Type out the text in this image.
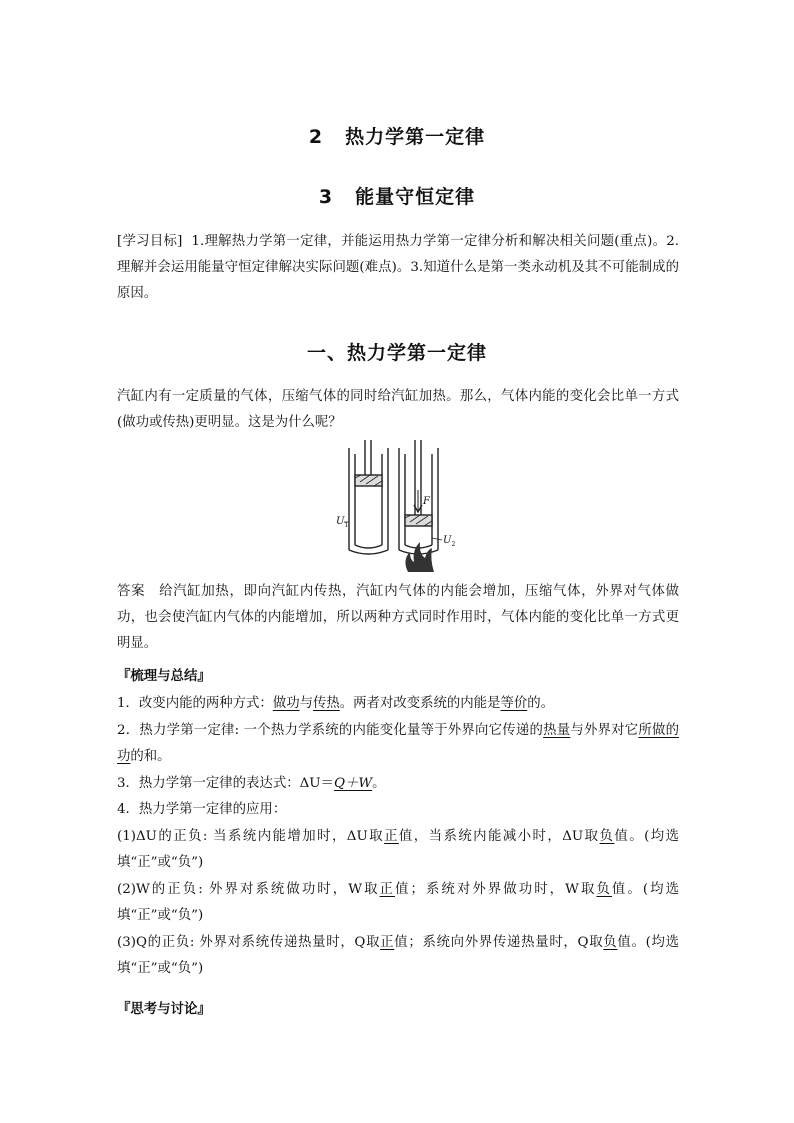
2 热力学第一定律
3 能量守恒定律
[学习目标] 1.理解热力学第一定律，并能运用热力学第一定律分析和解决相关问题(重点)。2.理解并会运用能量守恒定律解决实际问题(难点)。3.知道什么是第一类永动机及其不可能制成的原因。
一、热力学第一定律
汽缸内有一定质量的气体，压缩气体的同时给汽缸加热。那么，气体内能的变化会比单一方式(做功或传热)更明显。这是为什么呢？
$U_1$
$U_2$
F
答案 给汽缸加热，即向汽缸内传热，汽缸内气体的内能会增加，压缩气体，外界对气体做功，也会使汽缸内气体的内能增加，所以两种方式同时作用时，气体内能的变化比单一方式更明显。
『梳理与总结』
1．改变内能的两种方式：做功与传热。两者对改变系统的内能是等价的。
2．热力学第一定律: 一个热力学系统的内能变化量等于外界向它传递的热量与外界对它所做的功的和。
3．热力学第一定律的表达式：ΔU＝Q＋W。
4．热力学第一定律的应用：
(1)ΔU的正负: 当系统内能增加时，ΔU取正值，当系统内能减小时，ΔU取负值。(均选填“正”或“负”)
(2)W的正负: 外界对系统做功时，W取正值；系统对外界做功时，W取负值。(均选填“正”或“负”)
(3)Q的正负: 外界对系统传递热量时，Q取正值；系统向外界传递热量时，Q取负值。(均选填“正”或“负”)
『思考与讨论』
